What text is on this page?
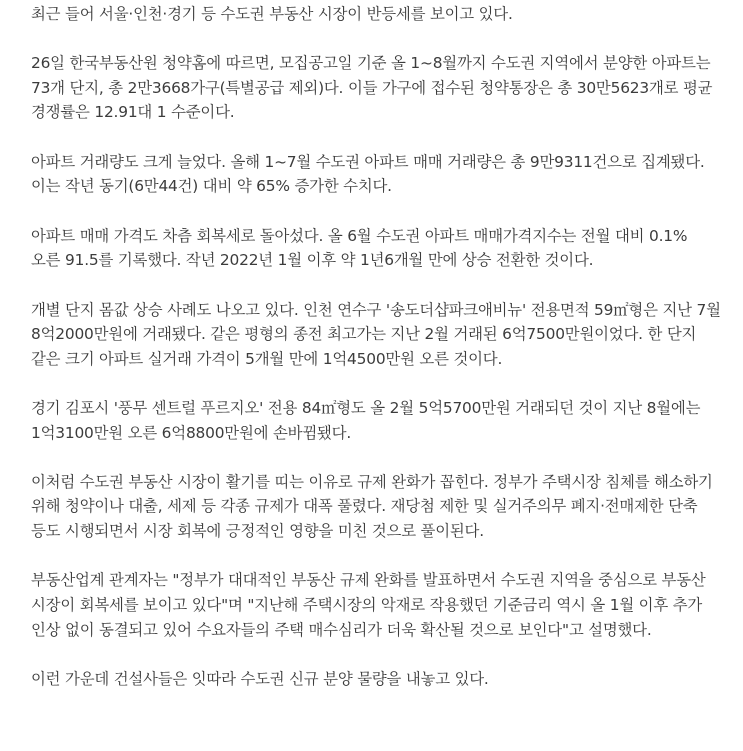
최근 들어 서울·인천·경기 등 수도권 부동산 시장이 반등세를 보이고 있다.

26일 한국부동산원 청약홈에 따르면, 모집공고일 기준 올 1~8월까지 수도권 지역에서 분양한 아파트는 73개 단지, 총 2만3668가구(특별공급 제외)다. 이들 가구에 접수된 청약통장은 총 30만5623개로 평균 경쟁률은 12.91대 1 수준이다.

아파트 거래량도 크게 늘었다. 올해 1~7월 수도권 아파트 매매 거래량은 총 9만9311건으로 집계됐다. 이는 작년 동기(6만44건) 대비 약 65% 증가한 수치다.

아파트 매매 가격도 차츰 회복세로 돌아섰다. 올 6월 수도권 아파트 매매가격지수는 전월 대비 0.1% 오른 91.5를 기록했다. 작년 2022년 1월 이후 약 1년6개월 만에 상승 전환한 것이다.

개별 단지 몸값 상승 사례도 나오고 있다. 인천 연수구 '송도더샵파크애비뉴' 전용면적 59㎡형은 지난 7월 8억2000만원에 거래됐다. 같은 평형의 종전 최고가는 지난 2월 거래된 6억7500만원이었다. 한 단지 같은 크기 아파트 실거래 가격이 5개월 만에 1억4500만원 오른 것이다.

경기 김포시 '풍무 센트럴 푸르지오' 전용 84㎡형도 올 2월 5억5700만원 거래되던 것이 지난 8월에는 1억3100만원 오른 6억8800만원에 손바뀜됐다.

이처럼 수도권 부동산 시장이 활기를 띠는 이유로 규제 완화가 꼽힌다. 정부가 주택시장 침체를 해소하기 위해 청약이나 대출, 세제 등 각종 규제가 대폭 풀렸다. 재당첨 제한 및 실거주의무 폐지·전매제한 단축 등도 시행되면서 시장 회복에 긍정적인 영향을 미친 것으로 풀이된다.

부동산업계 관계자는 "정부가 대대적인 부동산 규제 완화를 발표하면서 수도권 지역을 중심으로 부동산 시장이 회복세를 보이고 있다"며 "지난해 주택시장의 악재로 작용했던 기준금리 역시 올 1월 이후 추가 인상 없이 동결되고 있어 수요자들의 주택 매수심리가 더욱 확산될 것으로 보인다"고 설명했다.

이런 가운데 건설사들은 잇따라 수도권 신규 분양 물량을 내놓고 있다.
